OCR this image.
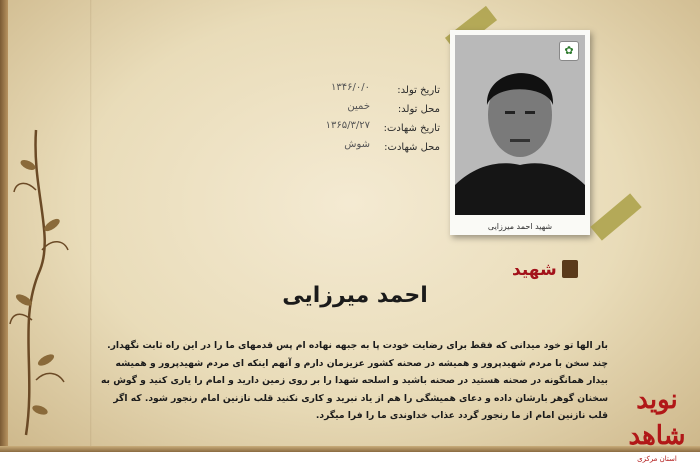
✿
شهید احمد میرزایی
تاریخ تولد:
۱۳۴۶/۰/۰
محل تولد:
خمین
تاریخ شهادت:
۱۳۶۵/۳/۲۷
محل شهادت:
شوش
شهید
احمد میرزایی
بار الها تو خود میدانی که فقط برای رضایت خودت پا به جبهه نهاده ام پس قدمهای ما را در این راه ثابت نگهدار. چند سخن با مردم شهیدپرور و همیشه در صحنه کشور عزیزمان دارم و آنهم اینکه ای مردم شهیدپرور و همیشه بیدار همانگونه در صحنه هستید در صحنه باشید و اسلحه شهدا را بر روی زمین دارید و امام را یاری کنید و گوش به سخنان گوهر بارشان داده و دعای همیشگی را هم از یاد نبرید و کاری نکنید قلب نازنین امام رنجور شود. که اگر قلب نازنین امام از ما رنجور گردد عذاب خداوندی ما را فرا میگرد.
نوید شاهد
استان مرکزی
